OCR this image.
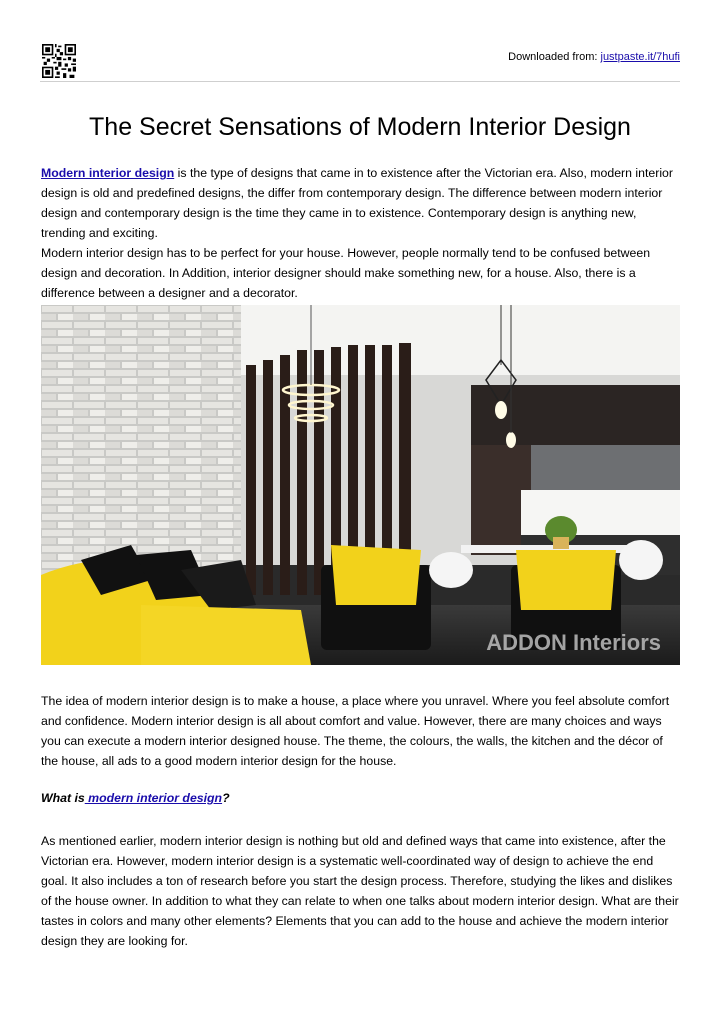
Downloaded from: justpaste.it/7hufi
The Secret Sensations of Modern Interior Design

Modern interior design is the type of designs that came in to existence after the Victorian era. Also, modern interior design is old and predefined designs, the differ from contemporary design. The difference between modern interior design and contemporary design is the time they came in to existence. Contemporary design is anything new, trending and exciting.
Modern interior design has to be perfect for your house. However, people normally tend to be confused between design and decoration. In Addition, interior designer should make something new, for a house. Also, there is a difference between a designer and a decorator.

ADDON Interiors

The idea of modern interior design is to make a house, a place where you unravel. Where you feel absolute comfort and confidence. Modern interior design is all about comfort and value. However, there are many choices and ways you can execute a modern interior designed house. The theme, the colours, the walls, the kitchen and the décor of the house, all ads to a good modern interior design for the house.

What is modern interior design?

As mentioned earlier, modern interior design is nothing but old and defined ways that came into existence, after the Victorian era. However, modern interior design is a systematic well-coordinated way of design to achieve the end goal. It also includes a ton of research before you start the design process. Therefore, studying the likes and dislikes of the house owner. In addition to what they can relate to when one talks about modern interior design. What are their tastes in colors and many other elements? Elements that you can add to the house and achieve the modern interior design they are looking for.
